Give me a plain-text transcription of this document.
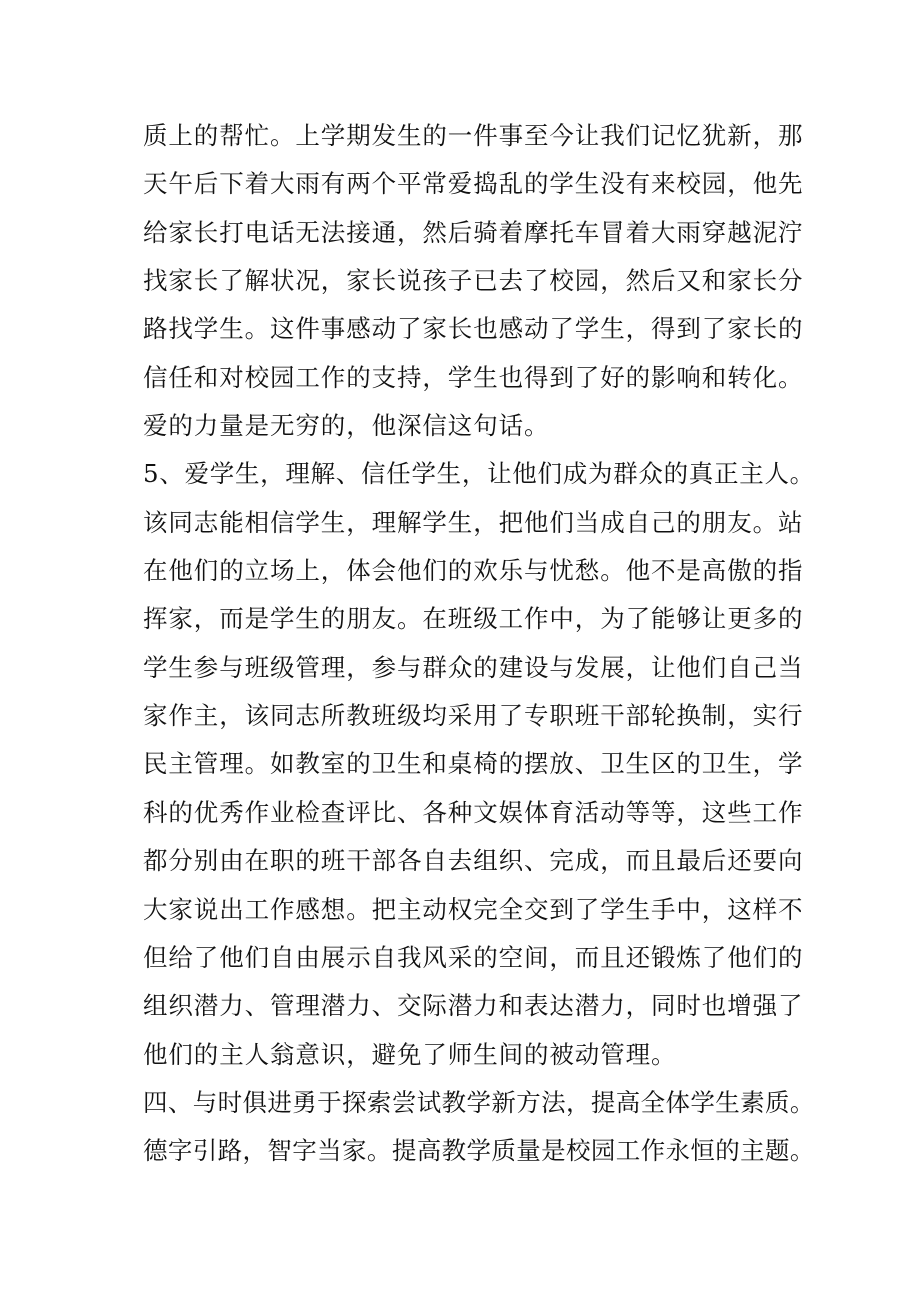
质上的帮忙。上学期发生的一件事至今让我们记忆犹新，那
天午后下着大雨有两个平常爱捣乱的学生没有来校园，他先
给家长打电话无法接通，然后骑着摩托车冒着大雨穿越泥泞
找家长了解状况，家长说孩子已去了校园，然后又和家长分
路找学生。这件事感动了家长也感动了学生，得到了家长的
信任和对校园工作的支持，学生也得到了好的影响和转化。
爱的力量是无穷的，他深信这句话。
5、爱学生，理解、信任学生，让他们成为群众的真正主人。
该同志能相信学生，理解学生，把他们当成自己的朋友。站
在他们的立场上，体会他们的欢乐与忧愁。他不是高傲的指
挥家，而是学生的朋友。在班级工作中，为了能够让更多的
学生参与班级管理，参与群众的建设与发展，让他们自己当
家作主，该同志所教班级均采用了专职班干部轮换制，实行
民主管理。如教室的卫生和桌椅的摆放、卫生区的卫生，学
科的优秀作业检查评比、各种文娱体育活动等等，这些工作
都分别由在职的班干部各自去组织、完成，而且最后还要向
大家说出工作感想。把主动权完全交到了学生手中，这样不
但给了他们自由展示自我风采的空间，而且还锻炼了他们的
组织潜力、管理潜力、交际潜力和表达潜力，同时也增强了
他们的主人翁意识，避免了师生间的被动管理。
四、与时俱进勇于探索尝试教学新方法，提高全体学生素质。
德字引路，智字当家。提高教学质量是校园工作永恒的主题。
